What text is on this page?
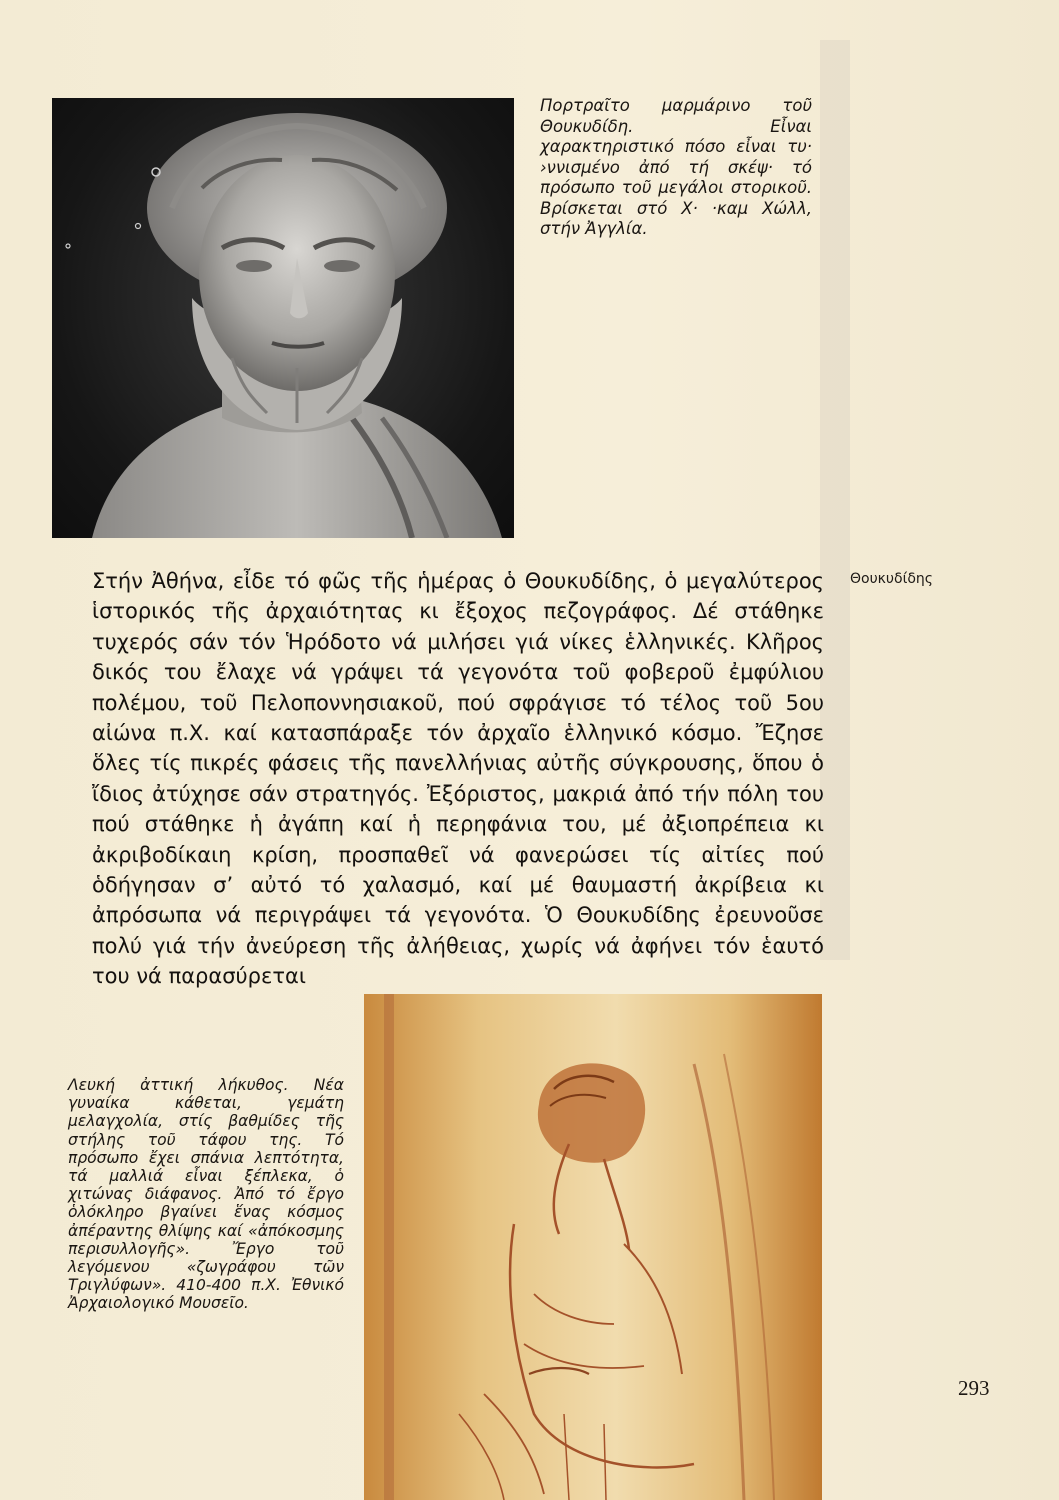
Πορτραῖτο μαρμάρινο τοῦ Θουκυδίδη. Εἶναι χαρακτηριστικό πόσο εἶναι τυ· ›ννισμένο ἀπό τή σκέψ· τό πρόσωπο τοῦ μεγάλοι στορικοῦ. Βρίσκεται στό Χ· ·καμ Χώλλ, στήν Ἀγγλία.
Στήν Ἀθήνα, εἶδε τό φῶς τῆς ἡμέρας ὁ Θουκυδίδης, ὁ μεγαλύτερος ἱστορικός τῆς ἀρχαιότητας κι ἔξοχος πεζογράφος. Δέ στάθηκε τυχερός σάν τόν Ἡρόδοτο νά μιλήσει γιά νίκες ἑλληνικές. Κλῆρος δικός του ἔλαχε νά γράψει τά γεγονότα τοῦ φοβεροῦ ἐμφύλιου πολέμου, τοῦ Πελοποννησιακοῦ, πού σφράγισε τό τέλος τοῦ 5ου αἰώνα π.Χ. καί κατασπάραξε τόν ἀρχαῖο ἑλληνικό κόσμο. Ἔζησε ὅλες τίς πικρές φάσεις τῆς πανελλήνιας αὐτῆς σύγκρουσης, ὅπου ὁ ἴδιος ἀτύχησε σάν στρατηγός. Ἐξόριστος, μακριά ἀπό τήν πόλη του πού στάθηκε ἡ ἀγάπη καί ἡ περηφάνια του, μέ ἀξιοπρέπεια κι ἀκριβοδίκαιη κρίση, προσπαθεῖ νά φανερώσει τίς αἰτίες πού ὁδήγησαν σ’ αὐτό τό χαλασμό, καί μέ θαυμαστή ἀκρίβεια κι ἀπρόσωπα νά περιγράψει τά γεγονότα. Ὁ Θουκυδίδης ἐρευνοῦσε πολύ γιά τήν ἀνεύρεση τῆς ἀλήθειας, χωρίς νά ἀφήνει τόν ἑαυτό του νά παρασύρεται
Θουκυδίδης
Λευκή ἀττική λήκυθος. Νέα γυναίκα κάθεται, γεμάτη μελαγχολία, στίς βαθμίδες τῆς στήλης τοῦ τάφου της. Τό πρόσωπο ἔχει σπάνια λεπτότητα, τά μαλλιά εἶναι ξέπλεκα, ὁ χιτώνας διάφανος. Ἀπό τό ἔργο ὁλόκληρο βγαίνει ἕνας κόσμος ἀπέραντης θλίψης καί «ἀπόκοσμης περισυλλογῆς». Ἔργο τοῦ λεγόμενου «ζωγράφου τῶν Τριγλύφων». 410-400 π.Χ. Ἐθνικό Ἀρχαιολογικό Μουσεῖο.
293
